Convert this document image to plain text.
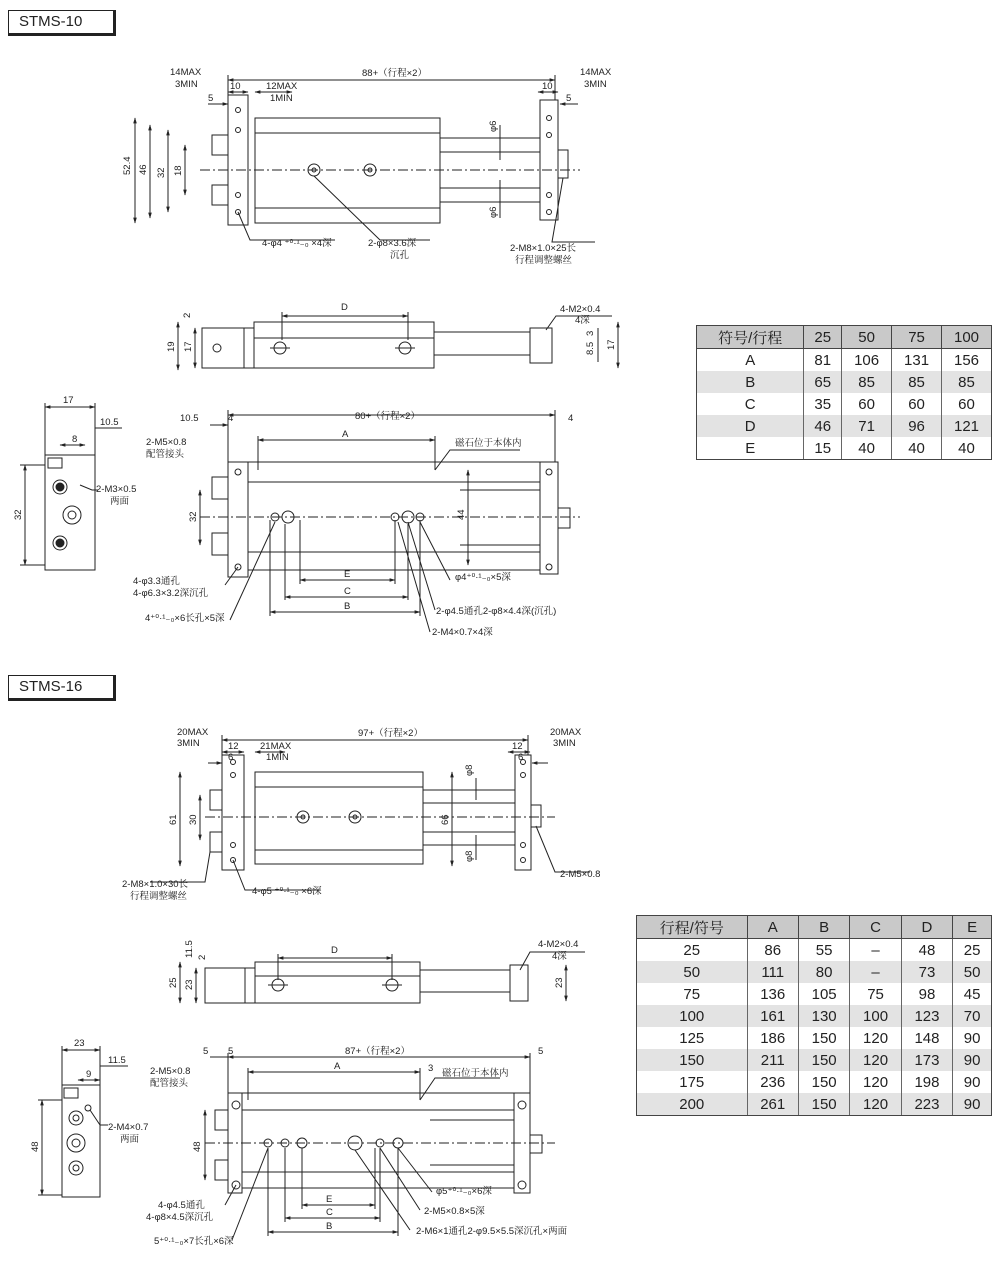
STMS-10
STMS-16
14MAX
3MIN	10
5
88+（行程×2）
12MAX
1MIN
14MAX
3MIN
10
5
52.4 46 32 18
φ6
φ6
4-φ4 ⁺⁰·¹₋₀ ×4深	2-φ8×3.6深
沉孔
2-M8×1.0×25长
行程调整螺丝
D
2
19 17
4-M2×0.4
4深
3
8.5 17
17
10.5
8
32
2-M3×0.5
两面
10.5	4	80+（行程×2）	4
2-M5×0.8
配管接头
A
磁石位于本体内
32	44
E
C
B
4-φ3.3通孔
4-φ6.3×3.2深沉孔
4⁺⁰·¹₋₀×6长孔×5深
φ4⁺⁰·¹₋₀×5深
2-φ4.5通孔2-φ8×4.4深(沉孔)
2-M4×0.7×4深
20MAX
3MIN	12
6
97+（行程×2）
21MAX
1MIN
20MAX
3MIN
12
6
61 30	66
φ8
φ8
2-M8×1.0×30长
行程调整螺丝	4-φ5 ⁺⁰·¹₋₀ ×6深
2-M5×0.8
11.5 2
D
25 23
4-M2×0.4
4深
23
23
11.5
9
48
2-M4×0.7
两面
5 5	87+（行程×2）	5
2-M5×0.8
配管接头
A	3 磁石位于本体内
48
E
C
B
4-φ4.5通孔
4-φ8×4.5深沉孔
5⁺⁰·¹₋₀×7长孔×6深
φ5⁺⁰·¹₋₀×6深
2-M5×0.8×5深
2-M6×1通孔2-φ9.5×5.5深沉孔×两面
符号/行程	25	50	75	100
A	81	106	131	156
B	65	85	85	85
C	35	60	60	60
D	46	71	96	121
E	15	40	40	40
行程/符号	A	B	C	D	E
25	86	55	–	48	25
50	111	80	–	73	50
75	136	105	75	98	45
100	161	130	100	123	70
125	186	150	120	148	90
150	211	150	120	173	90
175	236	150	120	198	90
200	261	150	120	223	90
